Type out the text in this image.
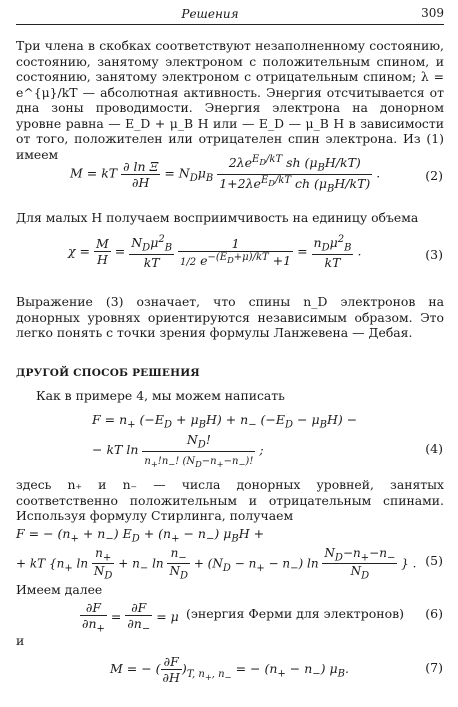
Решения	309
Три члена в скобках соответствуют незаполненному состоянию, состоянию, занятому электроном с положительным спином, и состоянию, занятому электроном с отрицательным спином; λ = e^{μ}/kT — абсолютная активность. Энергия отсчитывается от дна зоны проводимости. Энергия электрона на донорном уровне равна — E_D + μ_B H или — E_D — μ_B H в зависимости от того, положителен или отрицателен спин электрона. Из (1) имеем
M = kT $\frac{\text{∂ ln Ξ}}{\partial H} = N_D\mu_B \frac{2\lambda e^{E_D/kT} sh (\mu_BH/kT)}{1+2\lambda e^{E_D/kT} ch (\mu_BH/kT)}$ .	(2)
Для малых H получаем восприимчивость на единицу объема
$\chi = \frac{M}{H} = \frac{N_D\mu^2_B}{kT}$
$\frac{1}{1/2 e^{-(E_D+\mu)/kT} +1} = \frac{n_D\mu^2_B}{kT}$ .	(3)
Выражение (3) означает, что спины n_D электронов на донорных уровнях ориентируются независимым образом. Это легко понять с точки зрения формулы Ланжевена — Дебая.
ДРУГОЙ СПОСОБ РЕШЕНИЯ
Как в примере 4, мы можем написать
$F = n_+$ $(-E_D + \mu_BH) + n_-$ $(-E_D - \mu_BH)$ −
− kT $\ln \frac{N_D!}{n_+!n_-! (N_D-n_+-n_-)!}$ ;	(4)
здесь n₊ и n₋ — числа донорных уровней, занятых соответственно положительным и отрицательным спинами. Используя формулу Стирлинга, получаем
F = − $(n_+ + n_-) E_D + (n_+ - n_-) \mu_BH$ +
+ kT {$n_+$ $\ln \frac{n_+}{N_D} + n_-$ $\ln \frac{n_-}{N_D} + (N_D - n_+ - n_-)$ $\ln \frac{N_D-n_+-n_-}{N_D}$ } . (5)
Имеем далее
$\frac{\partial F}{\partial n_+} = \frac{\partial F}{\partial n_-} = \mu$ (энергия Ферми для электронов) (6)
и
M = − ( $\frac{\partial F}{\partial H} )_{T, n_+, n_-}$ = − $(n_+ - n_-)$ $\mu_B$.	(7)
